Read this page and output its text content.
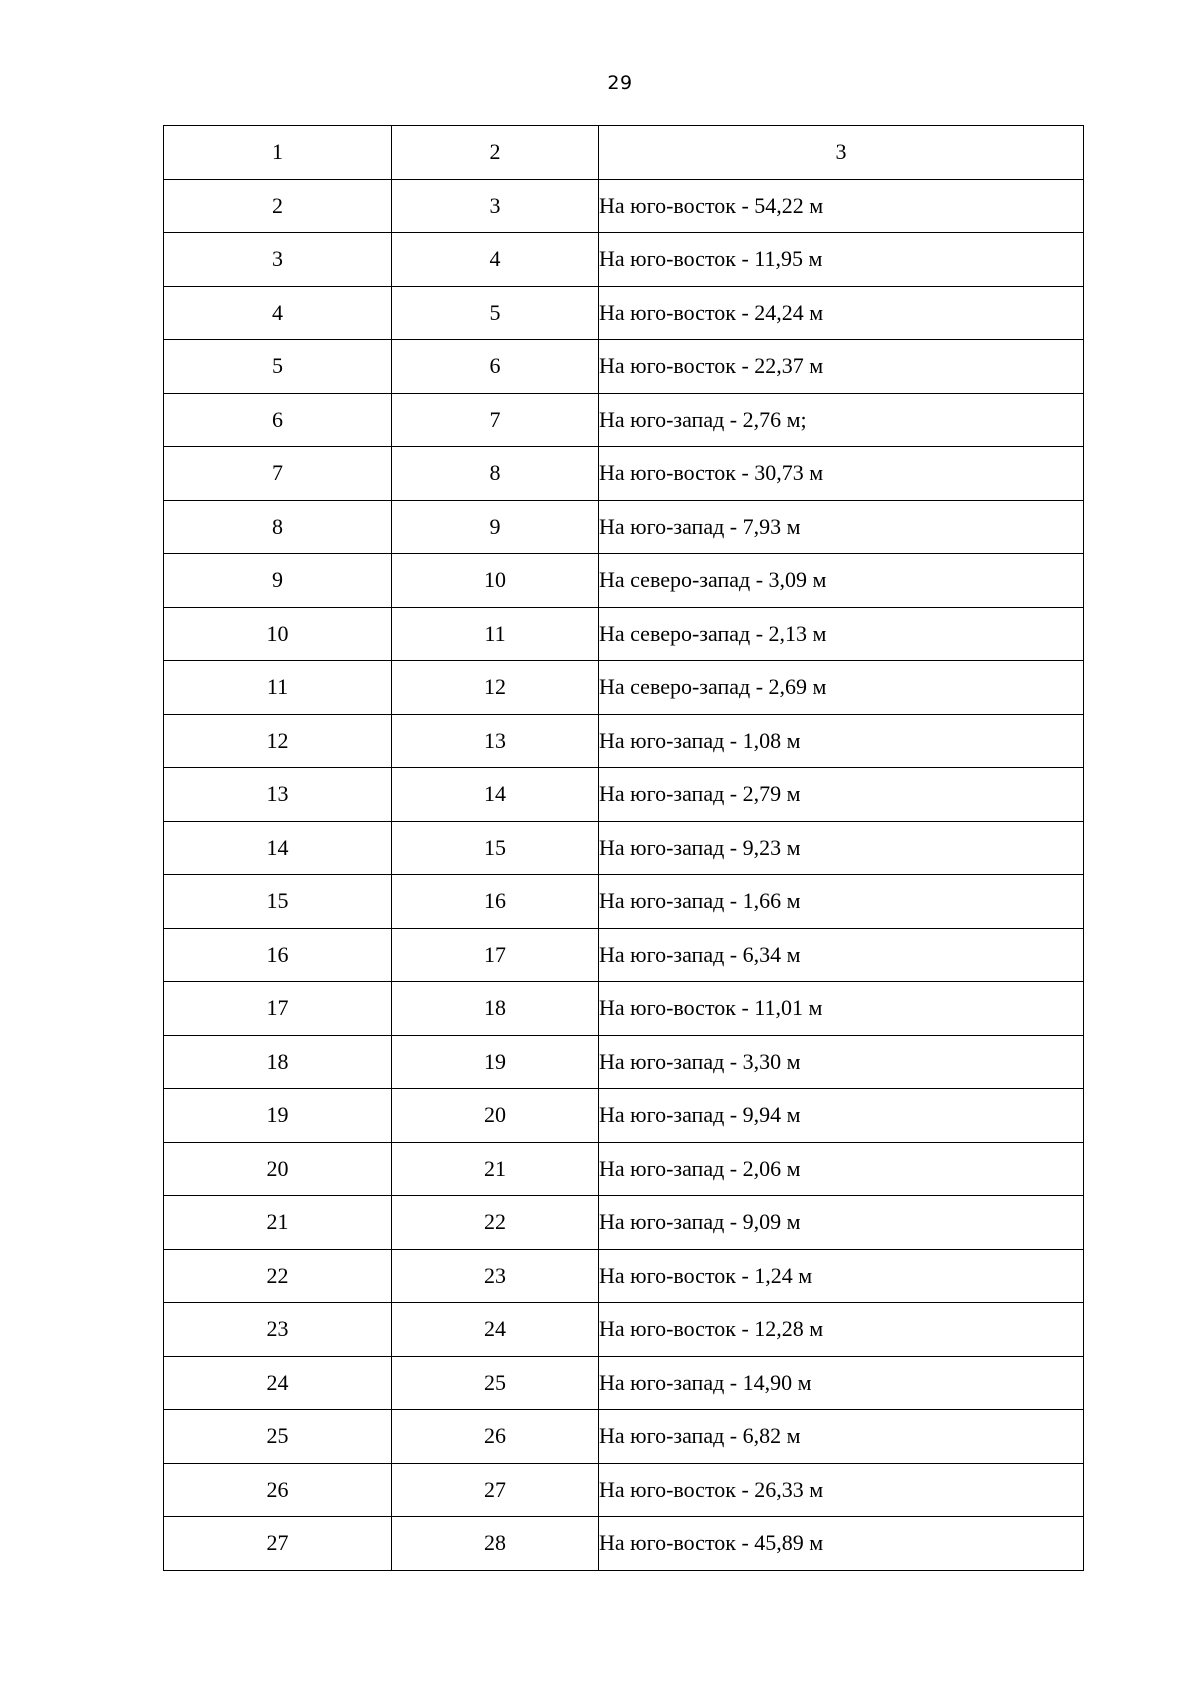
29
1	2	3
2	3	На юго-восток - 54,22 м
3	4	На юго-восток - 11,95 м
4	5	На юго-восток - 24,24 м
5	6	На юго-восток - 22,37 м
6	7	На юго-запад - 2,76 м;
7	8	На юго-восток - 30,73 м
8	9	На юго-запад - 7,93 м
9	10	На северо-запад - 3,09 м
10	11	На северо-запад - 2,13 м
11	12	На северо-запад - 2,69 м
12	13	На юго-запад - 1,08 м
13	14	На юго-запад - 2,79 м
14	15	На юго-запад - 9,23 м
15	16	На юго-запад - 1,66 м
16	17	На юго-запад - 6,34 м
17	18	На юго-восток - 11,01 м
18	19	На юго-запад - 3,30 м
19	20	На юго-запад - 9,94 м
20	21	На юго-запад - 2,06 м
21	22	На юго-запад - 9,09 м
22	23	На юго-восток - 1,24 м
23	24	На юго-восток - 12,28 м
24	25	На юго-запад - 14,90 м
25	26	На юго-запад - 6,82 м
26	27	На юго-восток - 26,33 м
27	28	На юго-восток - 45,89 м
